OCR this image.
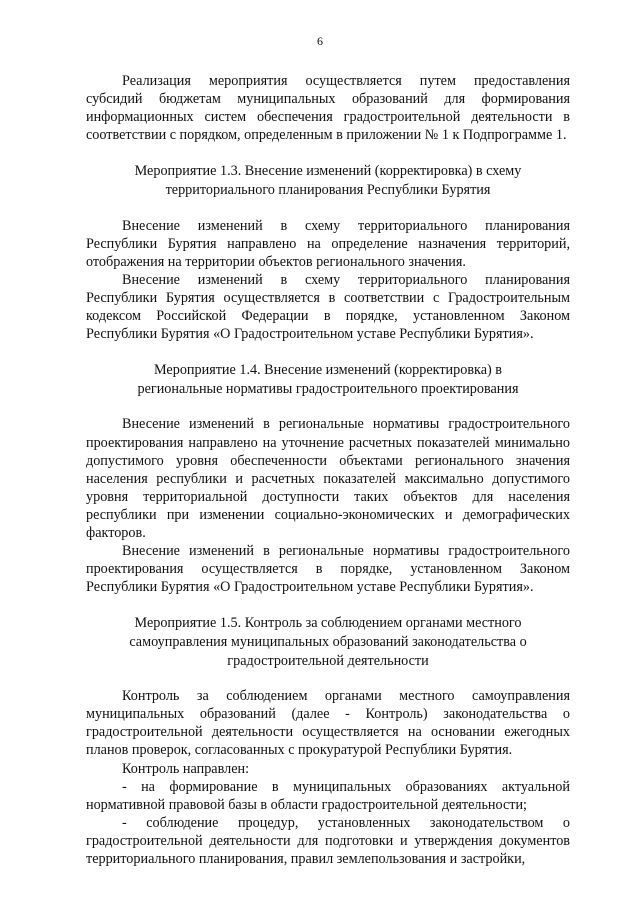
6

Реализация мероприятия осуществляется путем предоставления субсидий бюджетам муниципальных образований для формирования информационных систем обеспечения градостроительной деятельности в соответствии с порядком, определенным в приложении № 1 к Подпрограмме 1.

Мероприятие 1.3. Внесение изменений (корректировка) в схему
территориального планирования Республики Бурятия

Внесение изменений в схему территориального планирования Республики Бурятия направлено на определение назначения территорий, отображения на территории объектов регионального значения.

Внесение изменений в схему территориального планирования Республики Бурятия осуществляется в соответствии с Градостроительным кодексом Российской Федерации в порядке, установленном Законом Республики Бурятия «О Градостроительном уставе Республики Бурятия».

Мероприятие 1.4. Внесение изменений (корректировка) в
региональные нормативы градостроительного проектирования

Внесение изменений в региональные нормативы градостроительного проектирования направлено на уточнение расчетных показателей минимально допустимого уровня обеспеченности объектами регионального значения населения республики и расчетных показателей максимально допустимого уровня территориальной доступности таких объектов для населения республики при изменении социально-экономических и демографических факторов.

Внесение изменений в региональные нормативы градостроительного проектирования осуществляется в порядке, установленном Законом Республики Бурятия «О Градостроительном уставе Республики Бурятия».

Мероприятие 1.5. Контроль за соблюдением органами местного
самоуправления муниципальных образований законодательства о
градостроительной деятельности

Контроль за соблюдением органами местного самоуправления муниципальных образований (далее - Контроль) законодательства о градостроительной деятельности осуществляется на основании ежегодных планов проверок, согласованных с прокуратурой Республики Бурятия.

Контроль направлен:

- на формирование в муниципальных образованиях актуальной нормативной правовой базы в области градостроительной деятельности;

- соблюдение процедур, установленных законодательством о градостроительной деятельности для подготовки и утверждения документов территориального планирования, правил землепользования и застройки,
